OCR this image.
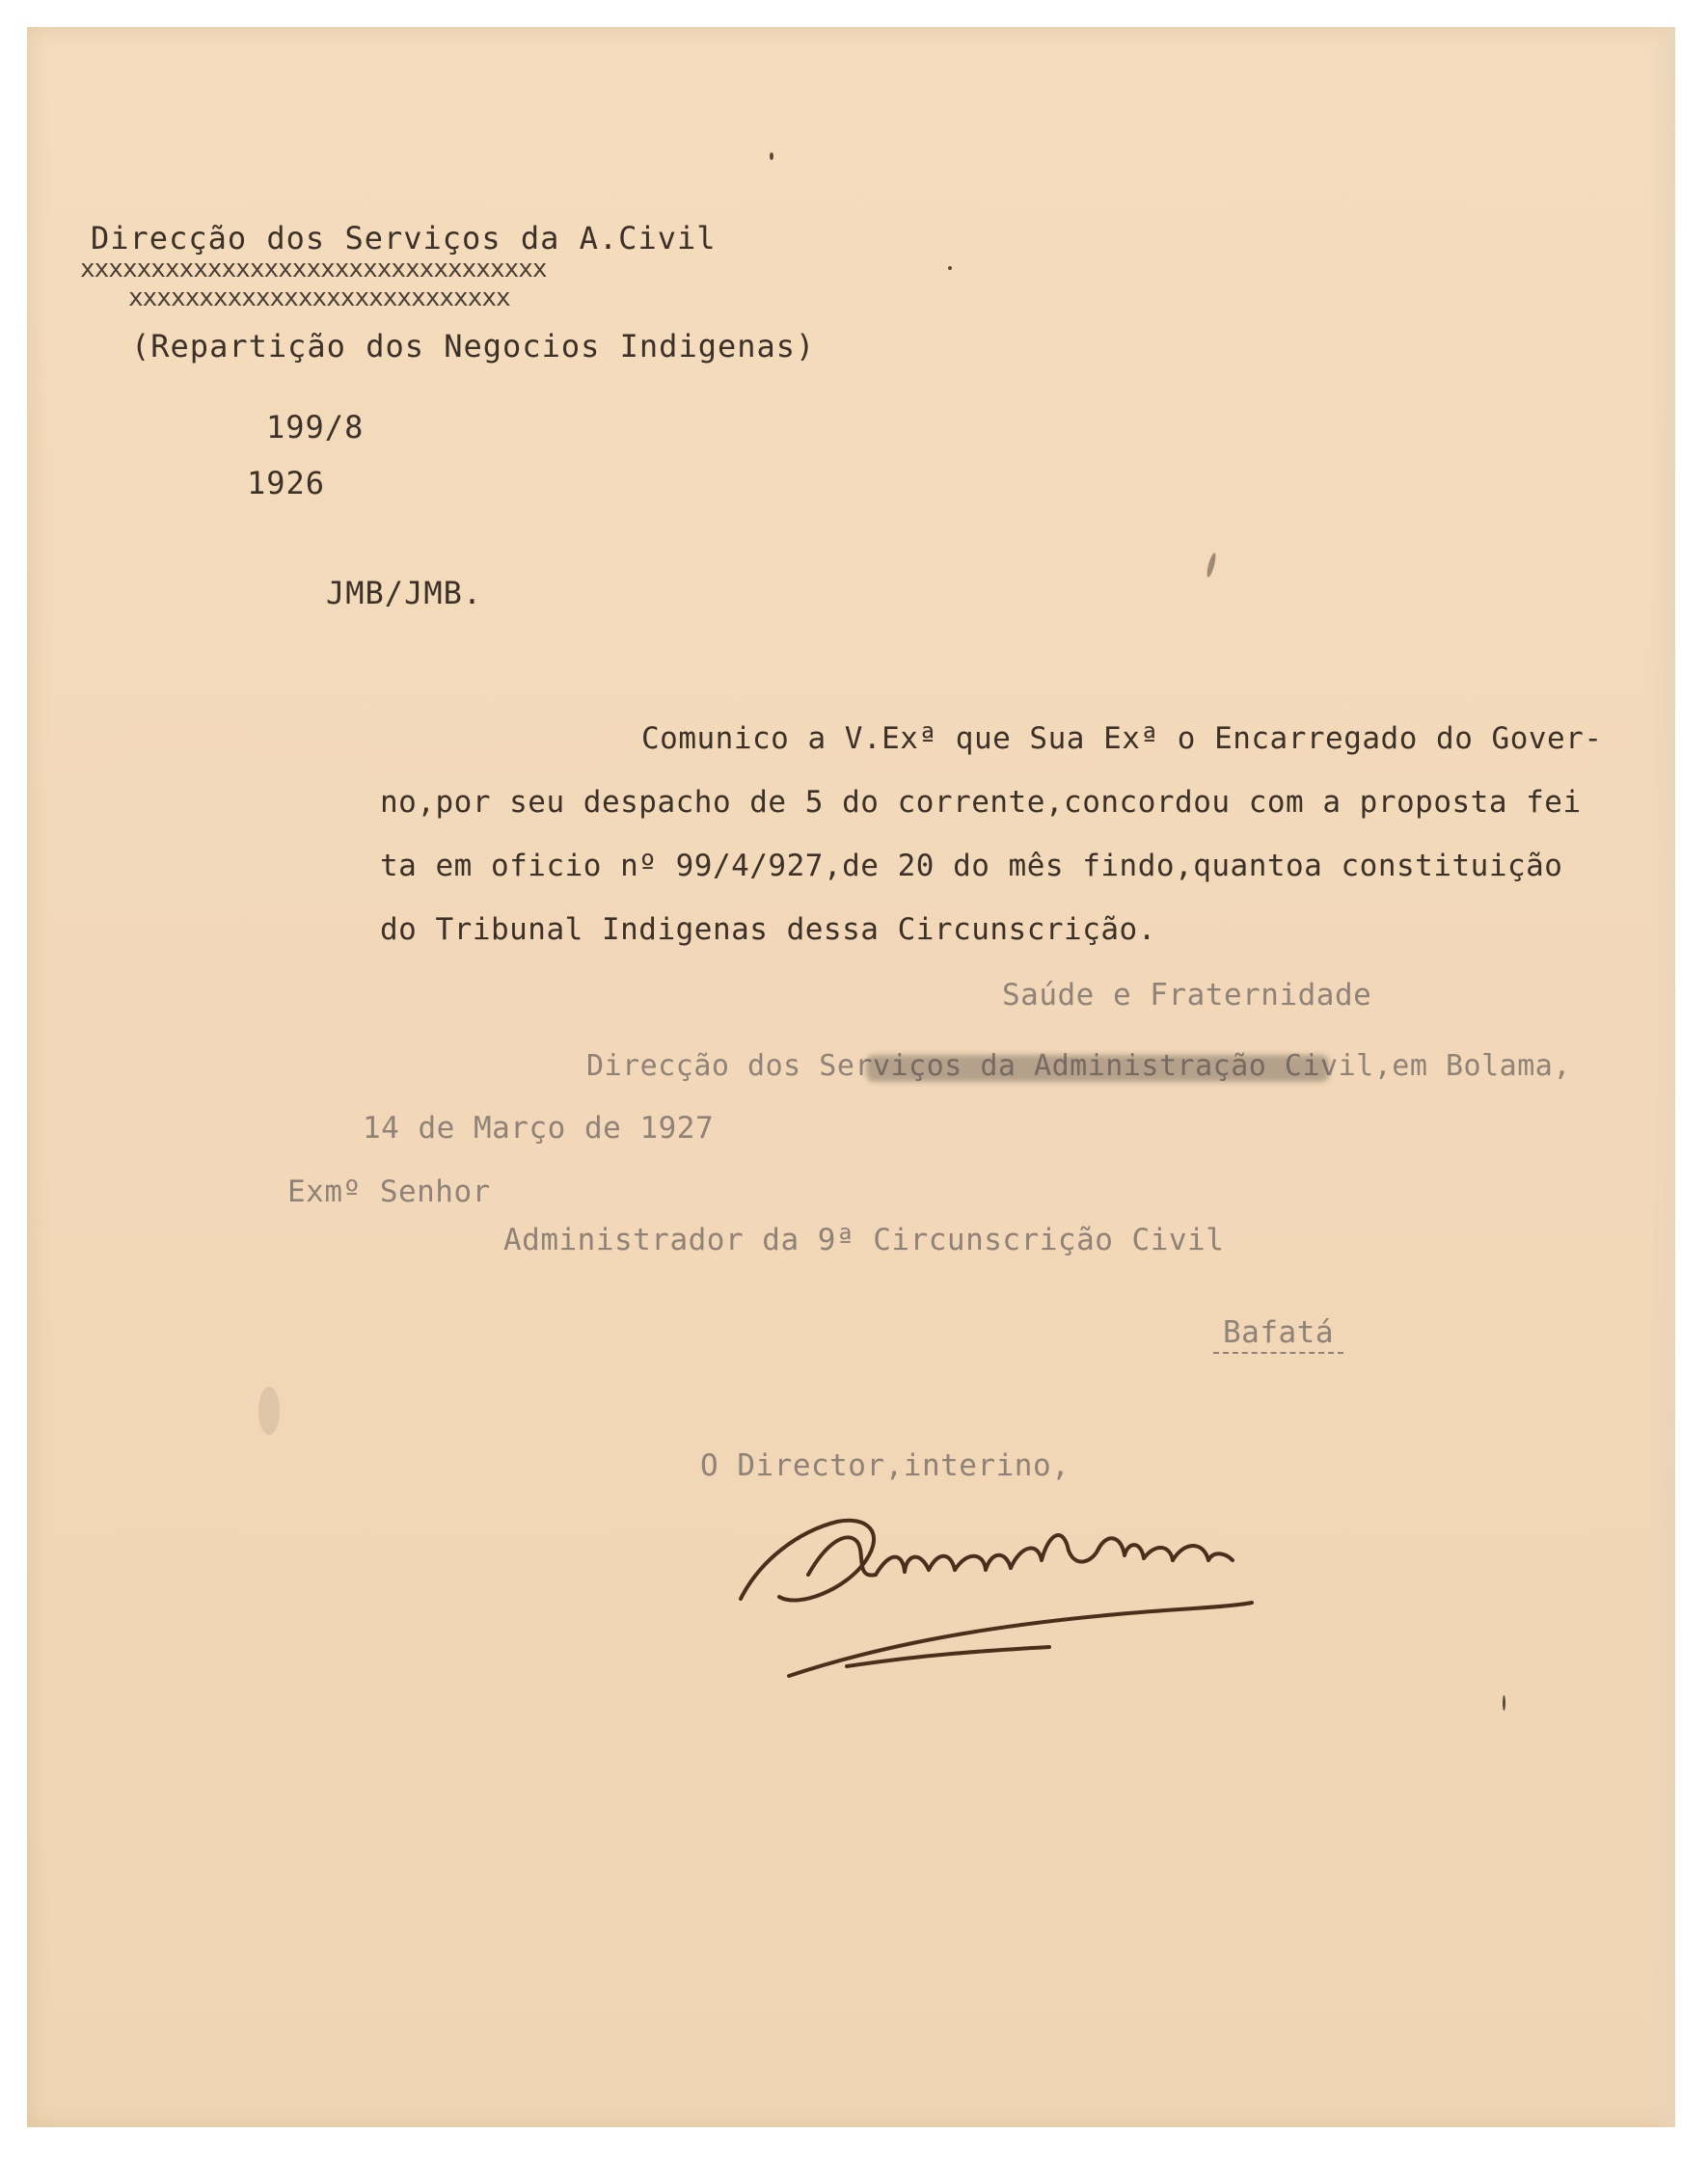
Direcção dos Serviços da A.Civil
xxxxxxxxxxxxxxxxxxxxxxxxxxxxxxxxx
xxxxxxxxxxxxxxxxxxxxxxxxxxx
(Repartição dos Negocios Indigenas)
199/8
1926
JMB/JMB.
Comunico a V.Exª que Sua Exª o Encarregado do Gover-
no,por seu despacho de 5 do corrente,concordou com a proposta fei
ta em oficio nº 99/4/927,de 20 do mês findo,quantoa constituição
do Tribunal Indigenas dessa Circunscrição.
Saúde e Fraternidade
Direcção dos Serviços da Administração Civil,em Bolama,
14 de Março de 1927
Exmº Senhor
Administrador da 9ª Circunscrição Civil
Bafatá
O Director,interino,
